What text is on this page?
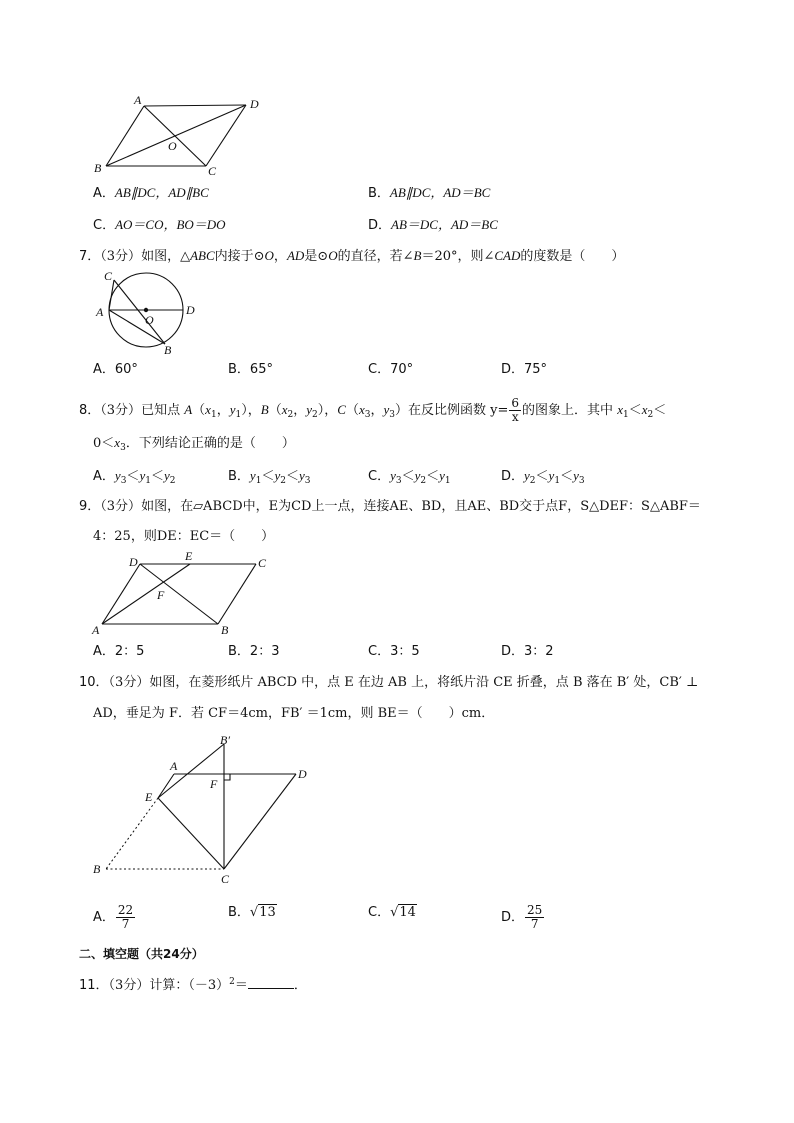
A	D
B	C
O
A．AB∥DC，AD∥BC	B．AB∥DC，AD＝BC
C．AO＝CO，BO＝DO	D．AB＝DC，AD＝BC
7．（3分）如图，△ABC内接于⊙O，AD是⊙O的直径，若∠B＝20°，则∠CAD的度数是（　　）
A
C
D
O
B
A．60°	B．65°	C．70°	D．75°
8．（3分）已知点 $A(x_1$，$y_1$），$B(x_2$，$y_2$），$C(x_3$，$y_3$）在反比例函数 $y= \frac{6}{x}$ 的图象上．其中 $x_1<x_2<$
$0<x_3$．下列结论正确的是（　　）
A．$y_3<y_1<y_2$	B．$y_1<y_2<y_3$	C．$y_3<y_2<y_1$	D．$y_2<y_1<y_3$
9．（3分）如图，在▱ABCD中，E为CD上一点，连接AE、BD，且AE、BD交于点F，S△DEF：S△ABF＝
4：25，则DE：EC＝（　　）
D	E	C
F
A	B
A．2：5	B．2：3	C．3：5	D．3：2
10．（3分）如图，在菱形纸片 ABCD 中，点 E 在边 AB 上，将纸片沿 CE 折叠，点 B 落在 B′ 处，CB′ ⊥
AD，垂足为 F．若 CF＝4cm，FB′ ＝1cm，则 BE＝（　　）cm．
B′
A
D
F
E
B
C
A． $\frac{22}{7}$	B．√13	C．√14	D． $\frac{25}{7}$
二、填空题（共24分）
11．（3分）计算：$(-3)^2=$	．
